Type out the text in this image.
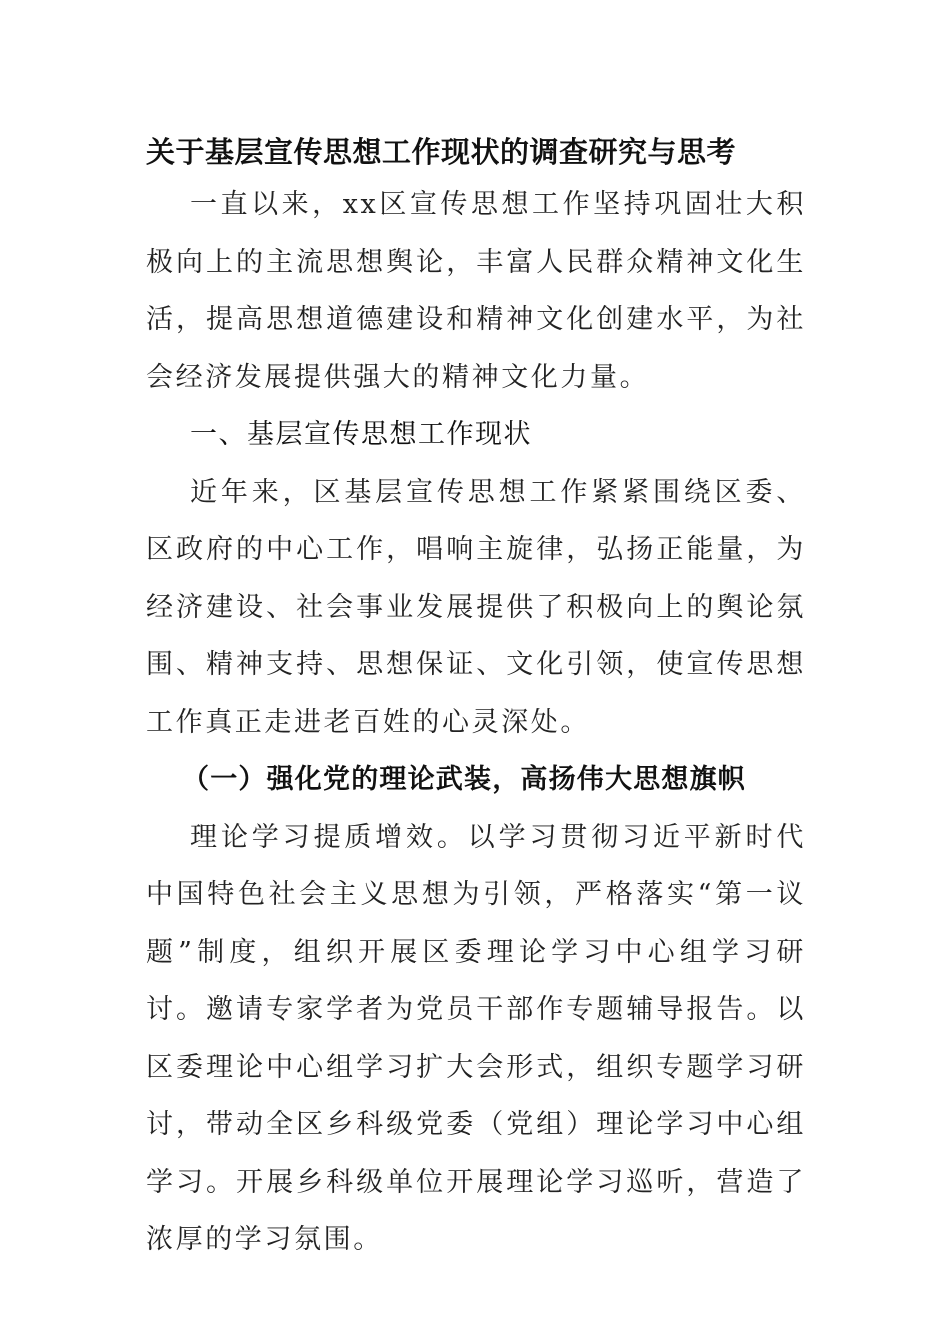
关于基层宣传思想工作现状的调查研究与思考

一直以来，xx区宣传思想工作坚持巩固壮大积极向上的主流思想舆论，丰富人民群众精神文化生活，提高思想道德建设和精神文化创建水平，为社会经济发展提供强大的精神文化力量。

一、基层宣传思想工作现状

近年来，区基层宣传思想工作紧紧围绕区委、区政府的中心工作，唱响主旋律，弘扬正能量，为经济建设、社会事业发展提供了积极向上的舆论氛围、精神支持、思想保证、文化引领，使宣传思想工作真正走进老百姓的心灵深处。

（一）强化党的理论武装，高扬伟大思想旗帜

理论学习提质增效。以学习贯彻习近平新时代中国特色社会主义思想为引领，严格落实“第一议题”制度，组织开展区委理论学习中心组学习研讨。邀请专家学者为党员干部作专题辅导报告。以区委理论中心组学习扩大会形式，组织专题学习研讨，带动全区乡科级党委（党组）理论学习中心组学习。开展乡科级单位开展理论学习巡听，营造了浓厚的学习氛围。
